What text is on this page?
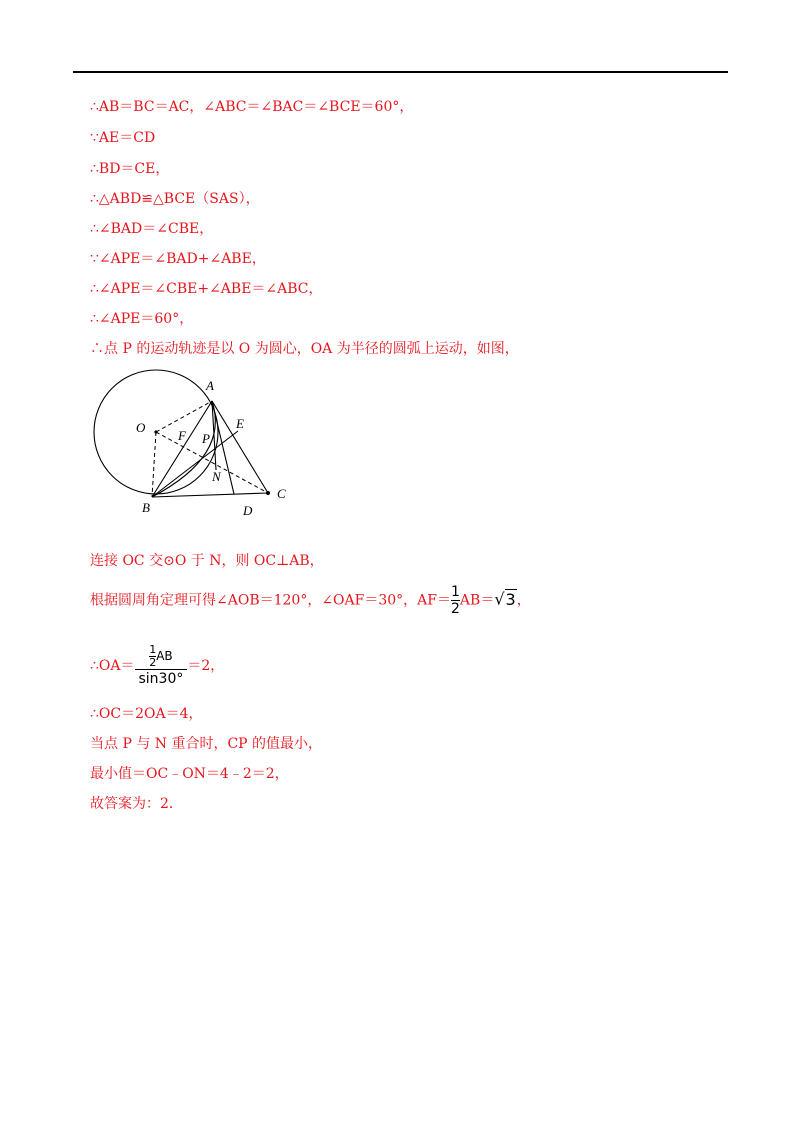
∴AB＝BC＝AC，∠ABC＝∠BAC＝∠BCE＝60°，
∵AE＝CD
∴BD＝CE，
∴△ABD≌△BCE（SAS），
∴∠BAD＝∠CBE，
∵∠APE＝∠BAD+∠ABE，
∴∠APE＝∠CBE+∠ABE＝∠ABC，
∴∠APE＝60°，
∴点 P 的运动轨迹是以 O 为圆心，OA 为半径的圆弧上运动，如图，
A
O
F P
E
N
B
C
D
连接 OC 交⊙O 于 N，则 OC⊥AB，
根据圆周角定理可得∠AOB＝120°，∠OAF＝30°，$AF= \frac{1}{2} AB=√3$，
∴OA＝ $\frac{\frac{1}{2} AB}{\sin 30^\circ} =2$，
∴OC＝2OA＝4，
当点 P 与 N 重合时，CP 的值最小，
最小值＝OC﹣ON＝4﹣2＝2，
故答案为：2．
